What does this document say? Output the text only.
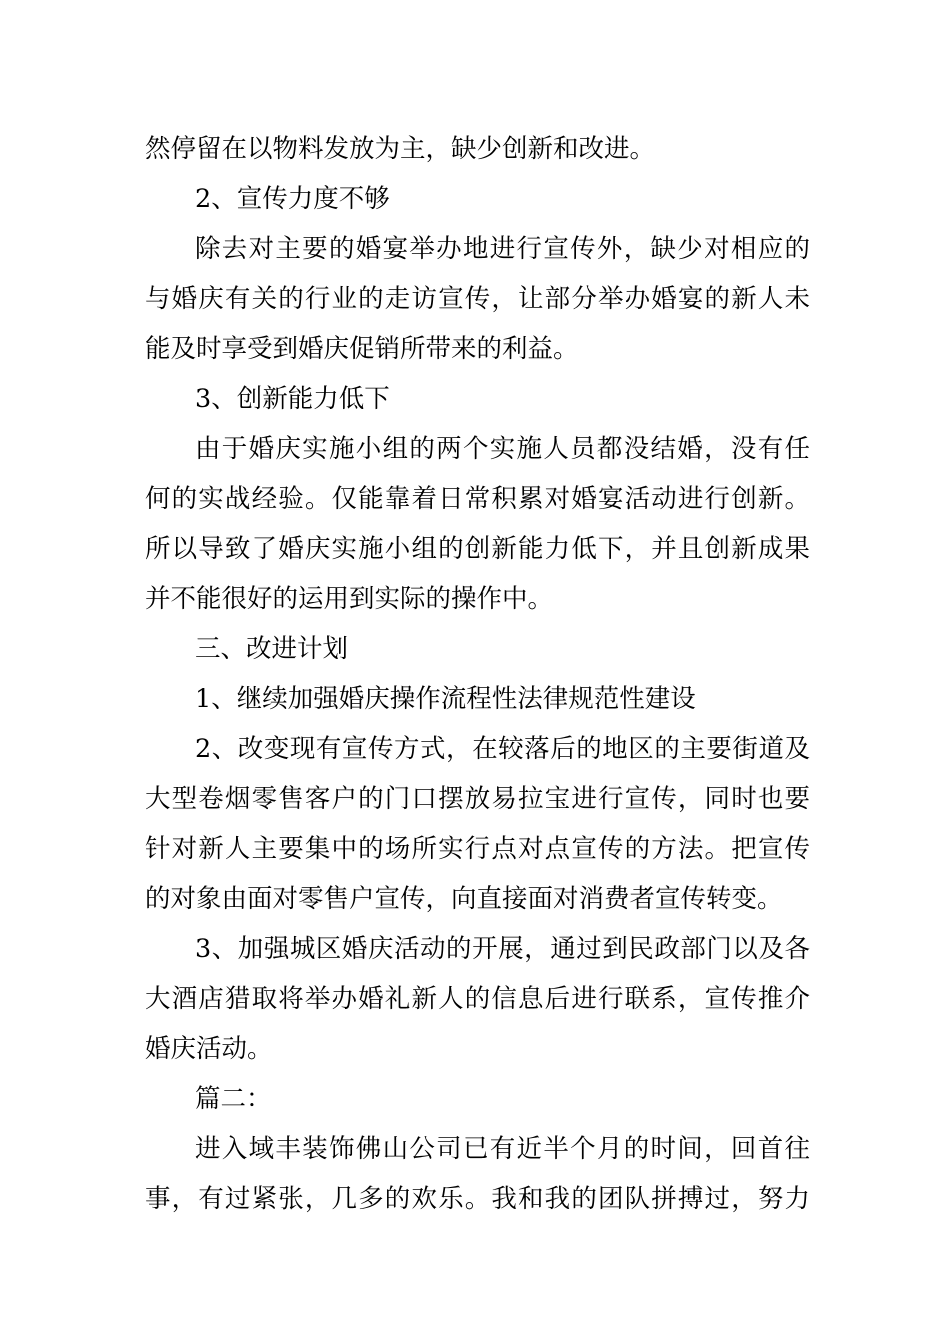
然停留在以物料发放为主，缺少创新和改进。
2、宣传力度不够
除去对主要的婚宴举办地进行宣传外，缺少对相应的
与婚庆有关的行业的走访宣传，让部分举办婚宴的新人未
能及时享受到婚庆促销所带来的利益。
3、创新能力低下
由于婚庆实施小组的两个实施人员都没结婚，没有任
何的实战经验。仅能靠着日常积累对婚宴活动进行创新。
所以导致了婚庆实施小组的创新能力低下，并且创新成果
并不能很好的运用到实际的操作中。
三、改进计划
1、继续加强婚庆操作流程性法律规范性建设
2、改变现有宣传方式，在较落后的地区的主要街道及
大型卷烟零售客户的门口摆放易拉宝进行宣传，同时也要
针对新人主要集中的场所实行点对点宣传的方法。把宣传
的对象由面对零售户宣传，向直接面对消费者宣传转变。
3、加强城区婚庆活动的开展，通过到民政部门以及各
大酒店猎取将举办婚礼新人的信息后进行联系，宣传推介
婚庆活动。
篇二：
进入域丰装饰佛山公司已有近半个月的时间，回首往
事，有过紧张，几多的欢乐。我和我的团队拼搏过，努力
